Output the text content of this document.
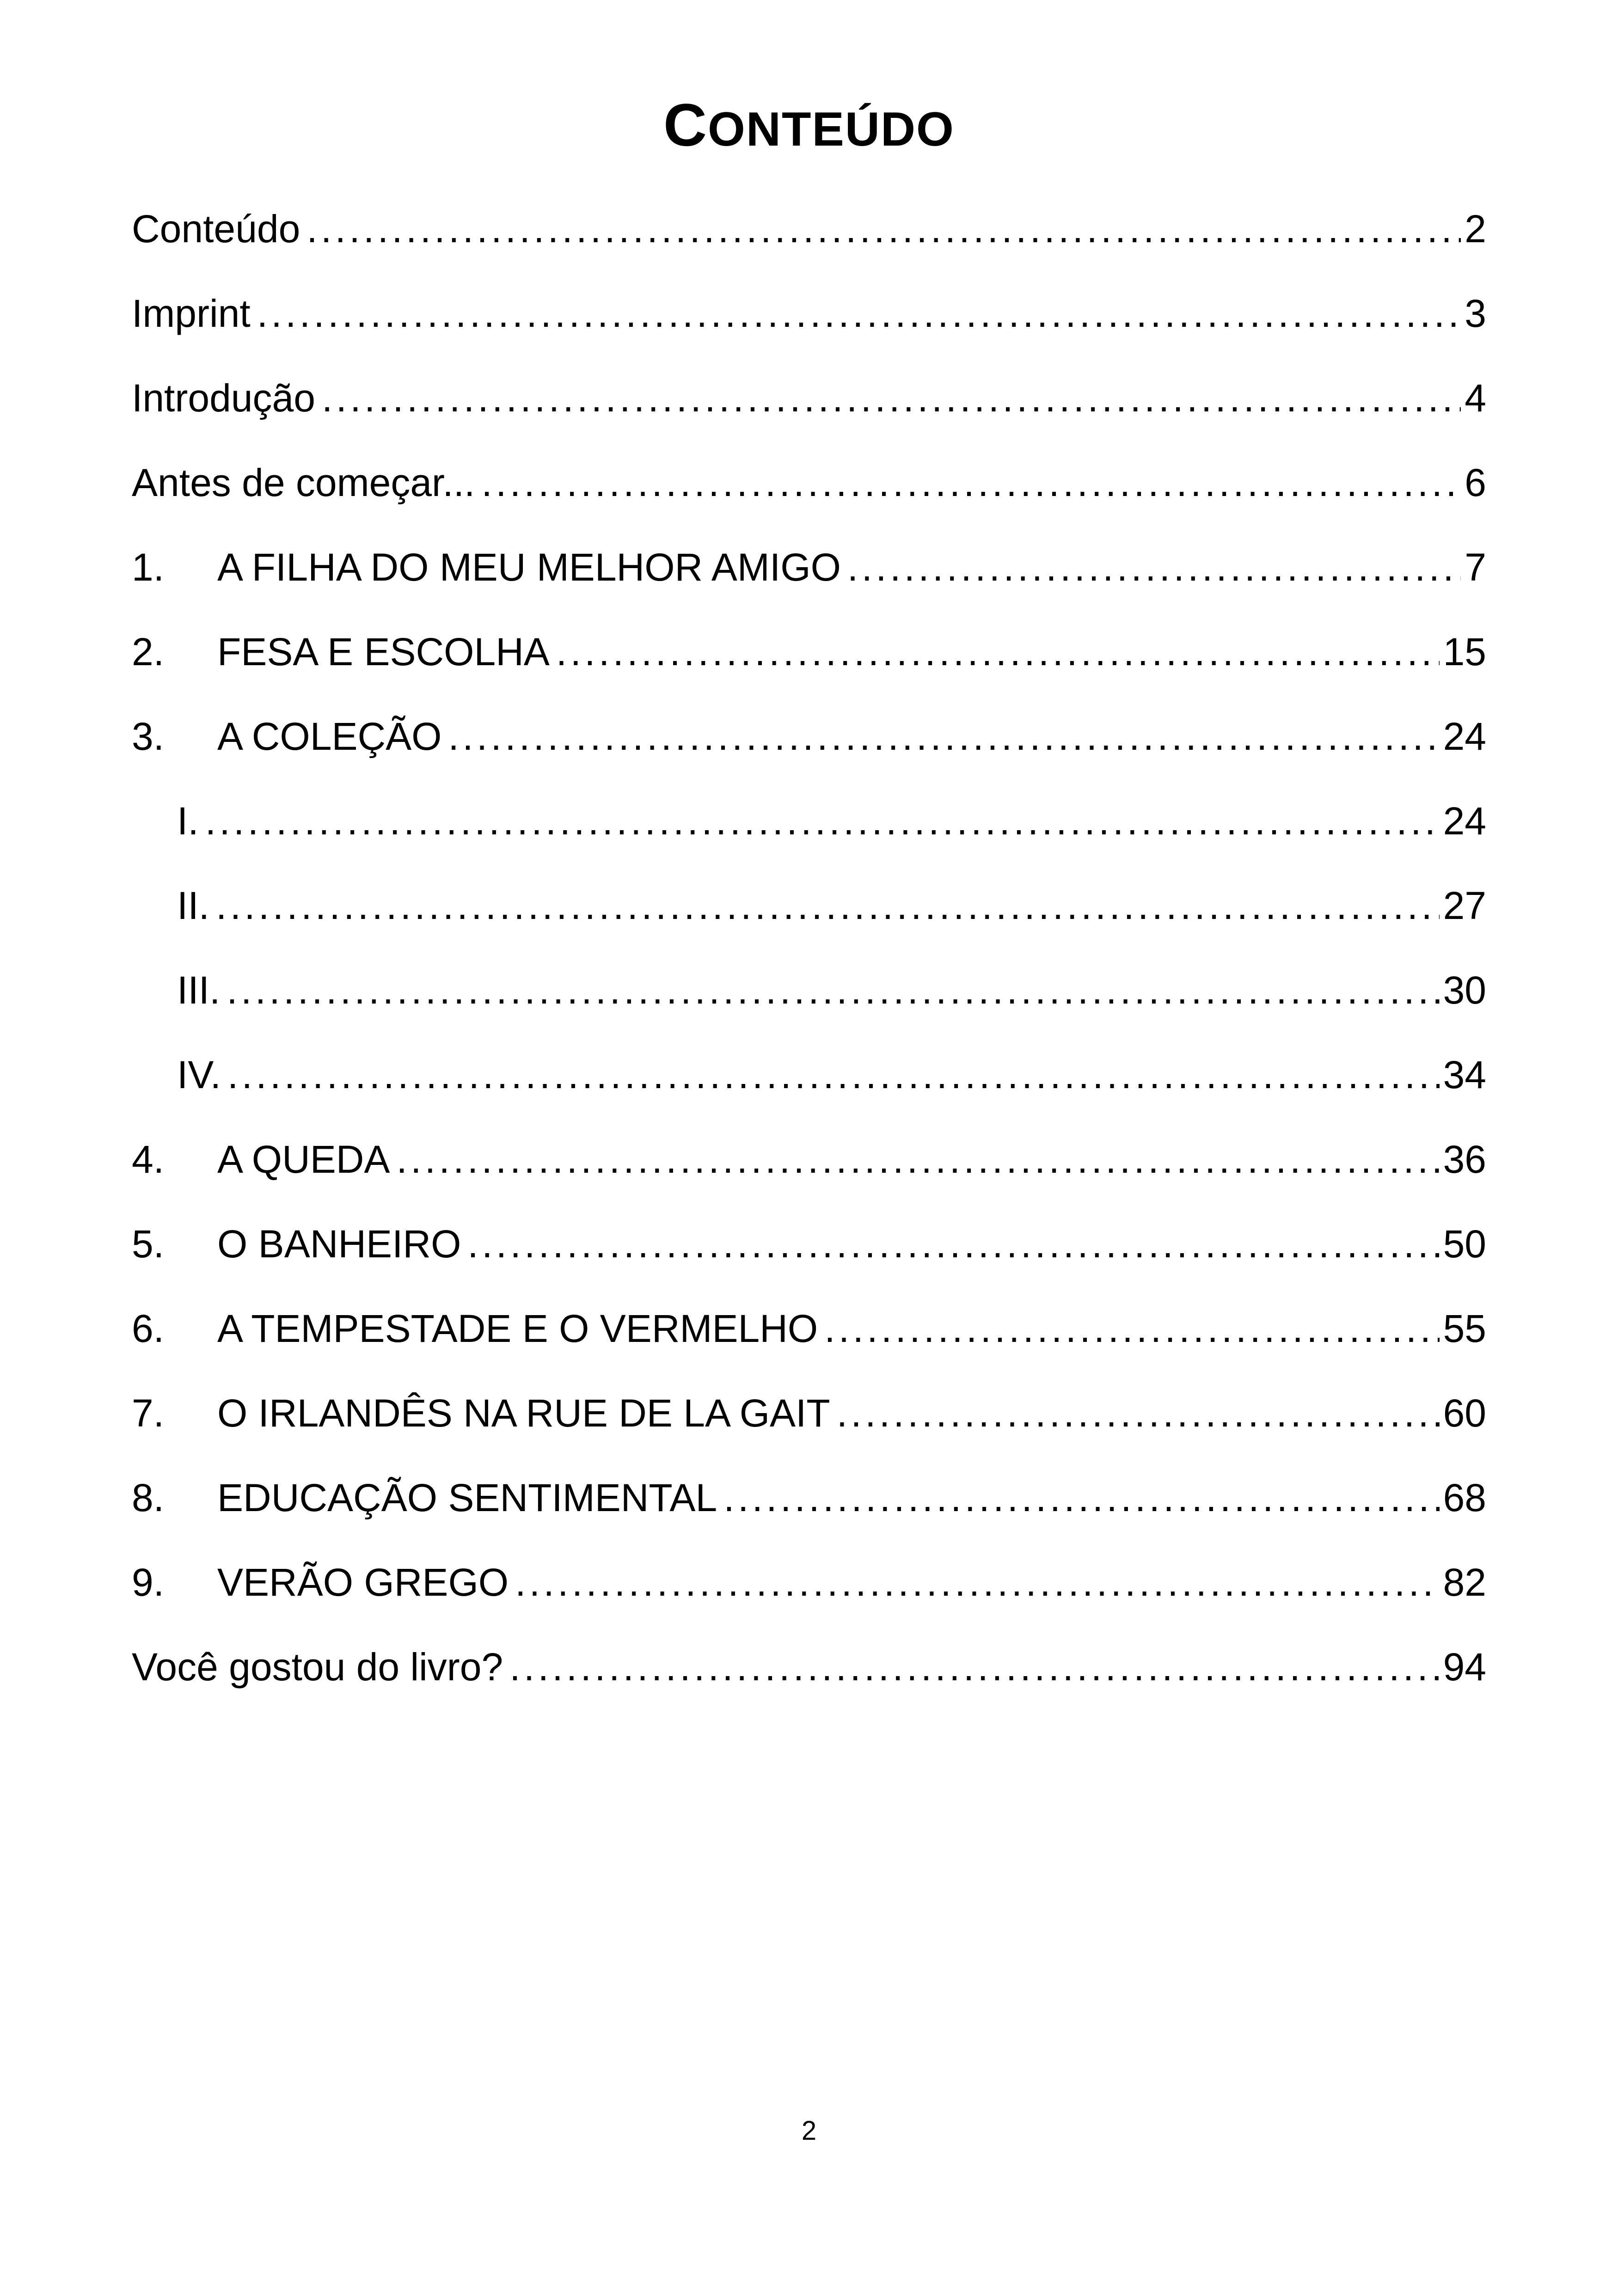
CONTEÚDO
Conteúdo . . .	2
Imprint . . .	3
Introdução . . .	4
Antes de começar... . . .	6
1.	A FILHA DO MEU MELHOR AMIGO . . .	7
2.	FESA E ESCOLHA . . .	15
3.	A COLEÇÃO . . .	24
I. . . .	24
II. . . .	27
III. . . .	30
IV. . . .	34
4.	A QUEDA . . .	36
5.	O BANHEIRO . . .	50
6.	A TEMPESTADE E O VERMELHO . . .	55
7.	O IRLANDÊS NA RUE DE LA GAIT . . .	60
8.	EDUCAÇÃO SENTIMENTAL . . .	68
9.	VERÃO GREGO . . .	82
Você gostou do livro? . . .	94
2
